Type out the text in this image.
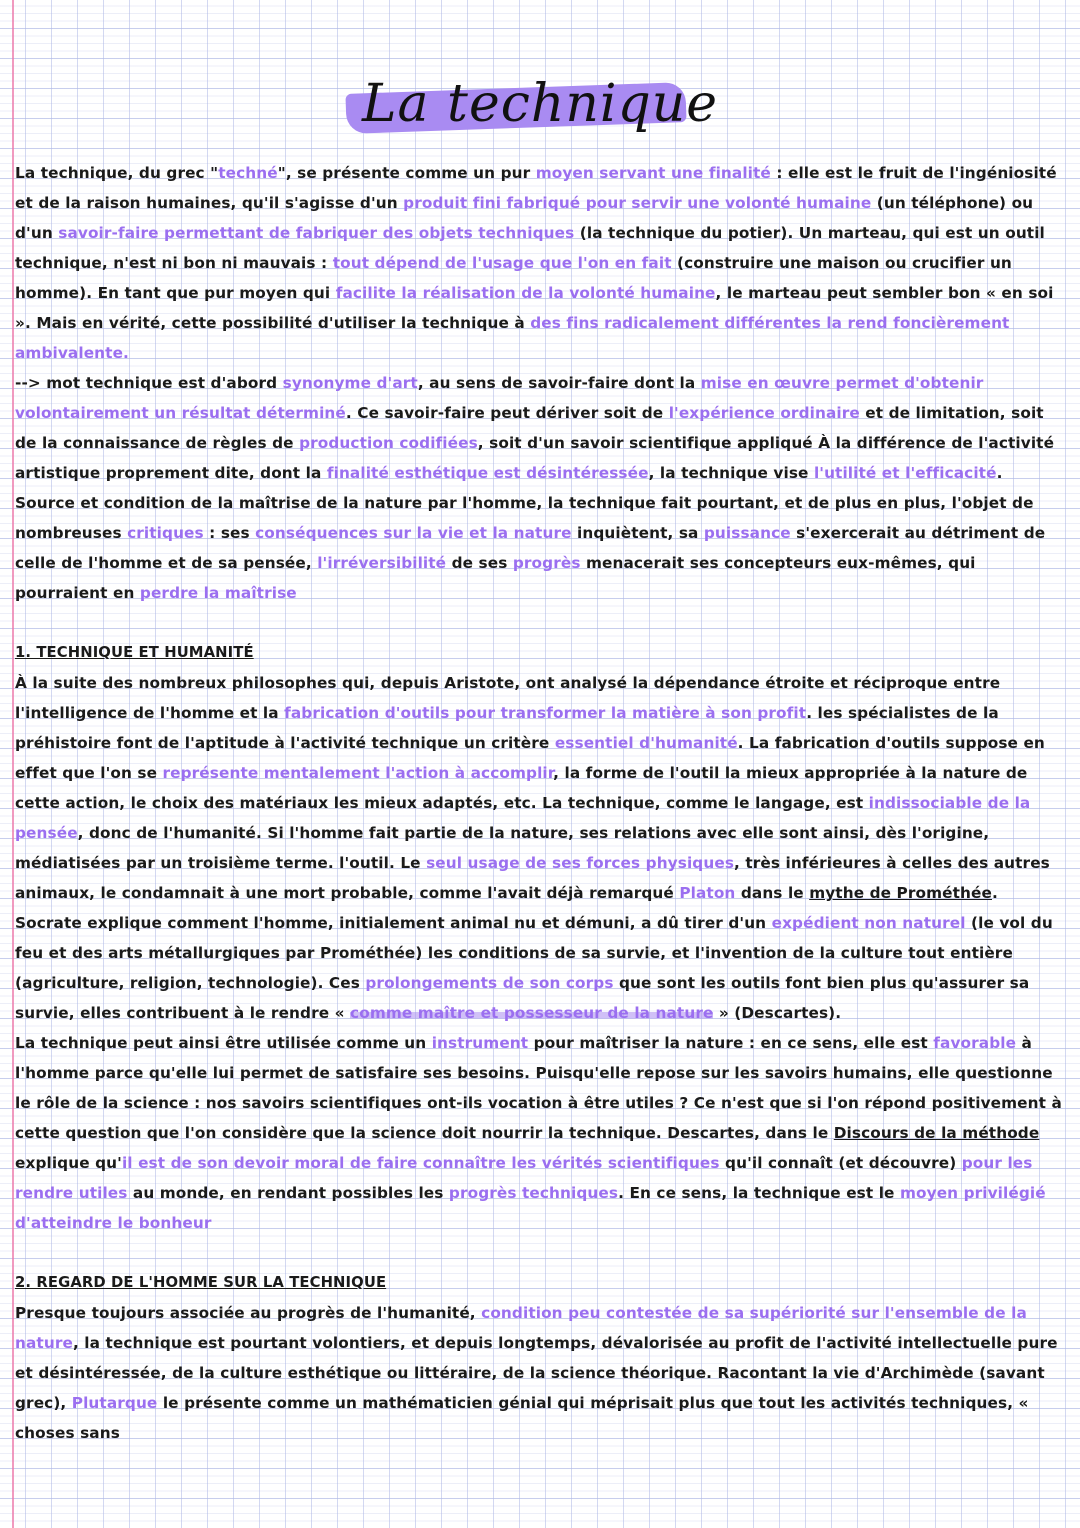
La technique

La technique, du grec "techné", se présente comme un pur moyen servant une finalité : elle est le fruit de l'ingéniosité et de la raison humaines, qu'il s'agisse d'un produit fini fabriqué pour servir une volonté humaine (un téléphone) ou d'un savoir-faire permettant de fabriquer des objets techniques (la technique du potier). Un marteau, qui est un outil technique, n'est ni bon ni mauvais : tout dépend de l'usage que l'on en fait (construire une maison ou crucifier un homme). En tant que pur moyen qui facilite la réalisation de la volonté humaine, le marteau peut sembler bon « en soi ». Mais en vérité, cette possibilité d'utiliser la technique à des fins radicalement différentes la rend foncièrement ambivalente.

--> mot technique est d'abord synonyme d'art, au sens de savoir-faire dont la mise en œuvre permet d'obtenir volontairement un résultat déterminé. Ce savoir-faire peut dériver soit de l'expérience ordinaire et de limitation, soit de la connaissance de règles de production codifiées, soit d'un savoir scientifique appliqué À la différence de l'activité artistique proprement dite, dont la finalité esthétique est désintéressée, la technique vise l'utilité et l'efficacité. Source et condition de la maîtrise de la nature par l'homme, la technique fait pourtant, et de plus en plus, l'objet de nombreuses critiques : ses conséquences sur la vie et la nature inquiètent, sa puissance s'exercerait au détriment de celle de l'homme et de sa pensée, l'irréversibilité de ses progrès menacerait ses concepteurs eux-mêmes, qui pourraient en perdre la maîtrise

1. TECHNIQUE ET HUMANITÉ

À la suite des nombreux philosophes qui, depuis Aristote, ont analysé la dépendance étroite et réciproque entre l'intelligence de l'homme et la fabrication d'outils pour transformer la matière à son profit. les spécialistes de la préhistoire font de l'aptitude à l'activité technique un critère essentiel d'humanité. La fabrication d'outils suppose en effet que l'on se représente mentalement l'action à accomplir, la forme de l'outil la mieux appropriée à la nature de cette action, le choix des matériaux les mieux adaptés, etc. La technique, comme le langage, est indissociable de la pensée, donc de l'humanité. Si l'homme fait partie de la nature, ses relations avec elle sont ainsi, dès l'origine, médiatisées par un troisième terme. l'outil. Le seul usage de ses forces physiques, très inférieures à celles des autres animaux, le condamnait à une mort probable, comme l'avait déjà remarqué Platon dans le mythe de Prométhée. Socrate explique comment l'homme, initialement animal nu et démuni, a dû tirer d'un expédient non naturel (le vol du feu et des arts métallurgiques par Prométhée) les conditions de sa survie, et l'invention de la culture tout entière (agriculture, religion, technologie). Ces prolongements de son corps que sont les outils font bien plus qu'assurer sa survie, elles contribuent à le rendre « comme maître et possesseur de la nature » (Descartes).

La technique peut ainsi être utilisée comme un instrument pour maîtriser la nature : en ce sens, elle est favorable à l'homme parce qu'elle lui permet de satisfaire ses besoins. Puisqu'elle repose sur les savoirs humains, elle questionne le rôle de la science : nos savoirs scientifiques ont-ils vocation à être utiles ? Ce n'est que si l'on répond positivement à cette question que l'on considère que la science doit nourrir la technique. Descartes, dans le Discours de la méthode explique qu'il est de son devoir moral de faire connaître les vérités scientifiques qu'il connaît (et découvre) pour les rendre utiles au monde, en rendant possibles les progrès techniques. En ce sens, la technique est le moyen privilégié d'atteindre le bonheur

2. REGARD DE L'HOMME SUR LA TECHNIQUE

Presque toujours associée au progrès de l'humanité, condition peu contestée de sa supériorité sur l'ensemble de la nature, la technique est pourtant volontiers, et depuis longtemps, dévalorisée au profit de l'activité intellectuelle pure et désintéressée, de la culture esthétique ou littéraire, de la science théorique. Racontant la vie d'Archimède (savant grec), Plutarque le présente comme un mathématicien génial qui méprisait plus que tout les activités techniques, « choses sans
